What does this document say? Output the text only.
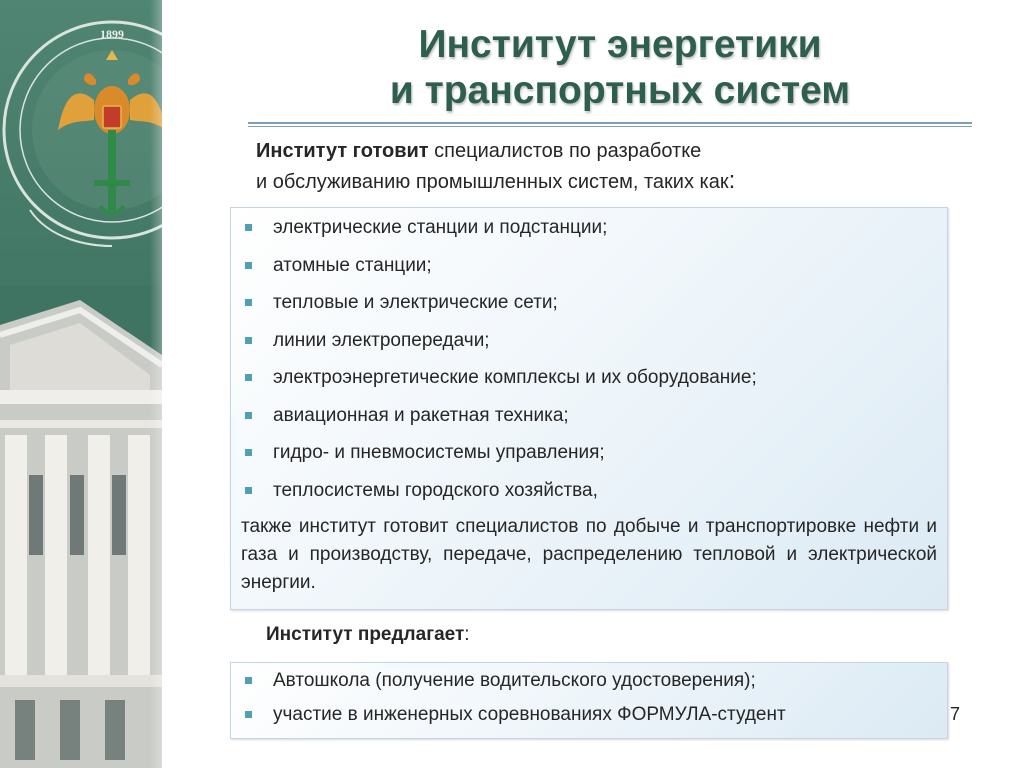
1899	Институт энергетики
и транспортных систем
Институт готовит специалистов по разработке
и обслуживанию промышленных систем, таких как:
электрические станции и подстанции;
атомные станции;
тепловые и электрические сети;
линии электропередачи;
электроэнергетические комплексы и их оборудование;
авиационная и ракетная техника;
гидро- и пневмосистемы управления;
теплосистемы городского хозяйства,

также институт готовит специалистов по добыче и транспортировке нефти и газа и производству, передаче, распределению тепловой и электрической энергии.

Институт предлагает:
Автошкола (получение водительского удостоверения);
участие в инженерных соревнованиях ФОРМУЛА-студент	7
